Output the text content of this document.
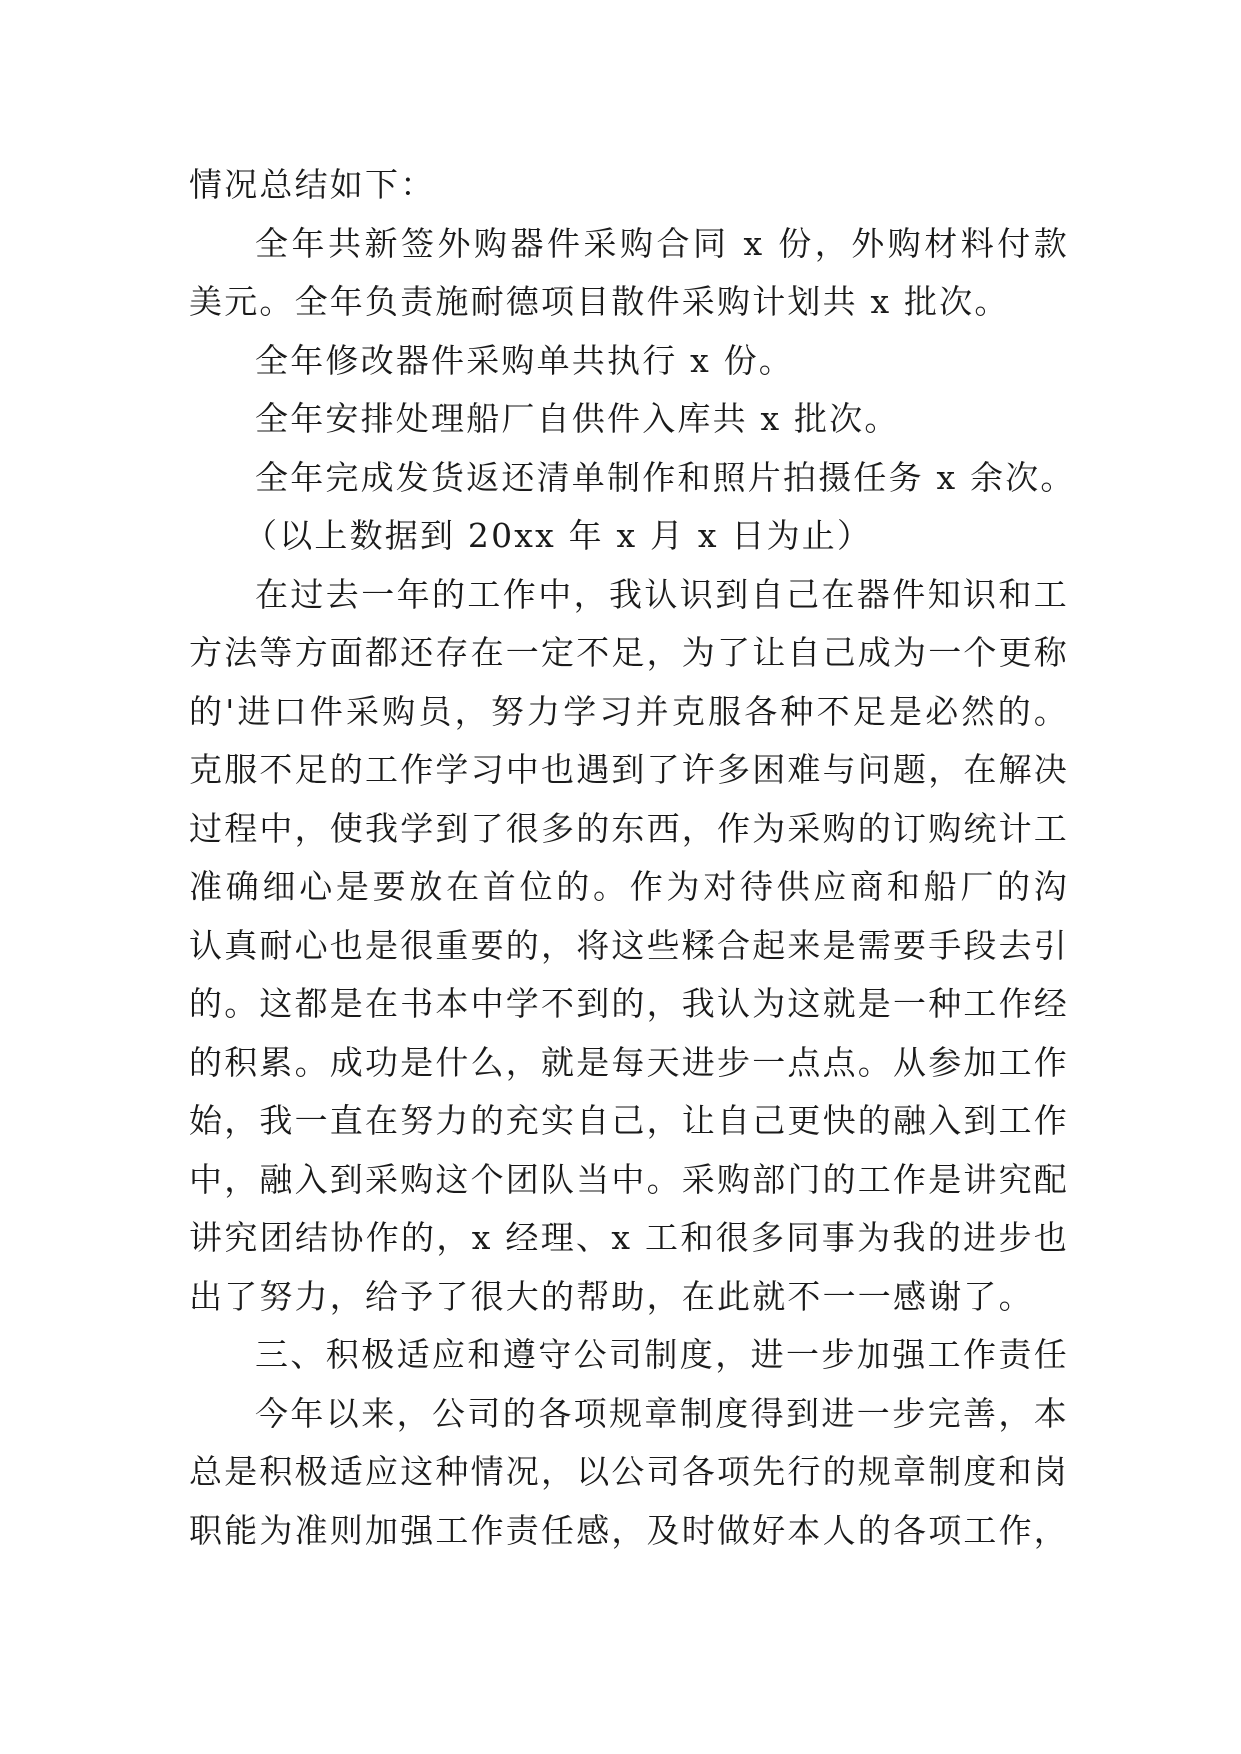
情况总结如下：
全年共新签外购器件采购合同 x 份，外购材料付款
美元。全年负责施耐德项目散件采购计划共 x 批次。
全年修改器件采购单共执行 x 份。
全年安排处理船厂自供件入库共 x 批次。
全年完成发货返还清单制作和照片拍摄任务 x 余次。
（以上数据到 20xx 年 x 月 x 日为止）
在过去一年的工作中，我认识到自己在器件知识和工
方法等方面都还存在一定不足，为了让自己成为一个更称
的'进口件采购员，努力学习并克服各种不足是必然的。
克服不足的工作学习中也遇到了许多困难与问题，在解决
过程中，使我学到了很多的东西，作为采购的订购统计工
准确细心是要放在首位的。作为对待供应商和船厂的沟
认真耐心也是很重要的，将这些糅合起来是需要手段去引
的。这都是在书本中学不到的，我认为这就是一种工作经
的积累。成功是什么，就是每天进步一点点。从参加工作
始，我一直在努力的充实自己，让自己更快的融入到工作
中，融入到采购这个团队当中。采购部门的工作是讲究配
讲究团结协作的，x 经理、x 工和很多同事为我的进步也
出了努力，给予了很大的帮助，在此就不一一感谢了。
三、积极适应和遵守公司制度，进一步加强工作责任
今年以来，公司的各项规章制度得到进一步完善，本
总是积极适应这种情况，以公司各项先行的规章制度和岗
职能为准则加强工作责任感，及时做好本人的各项工作，
